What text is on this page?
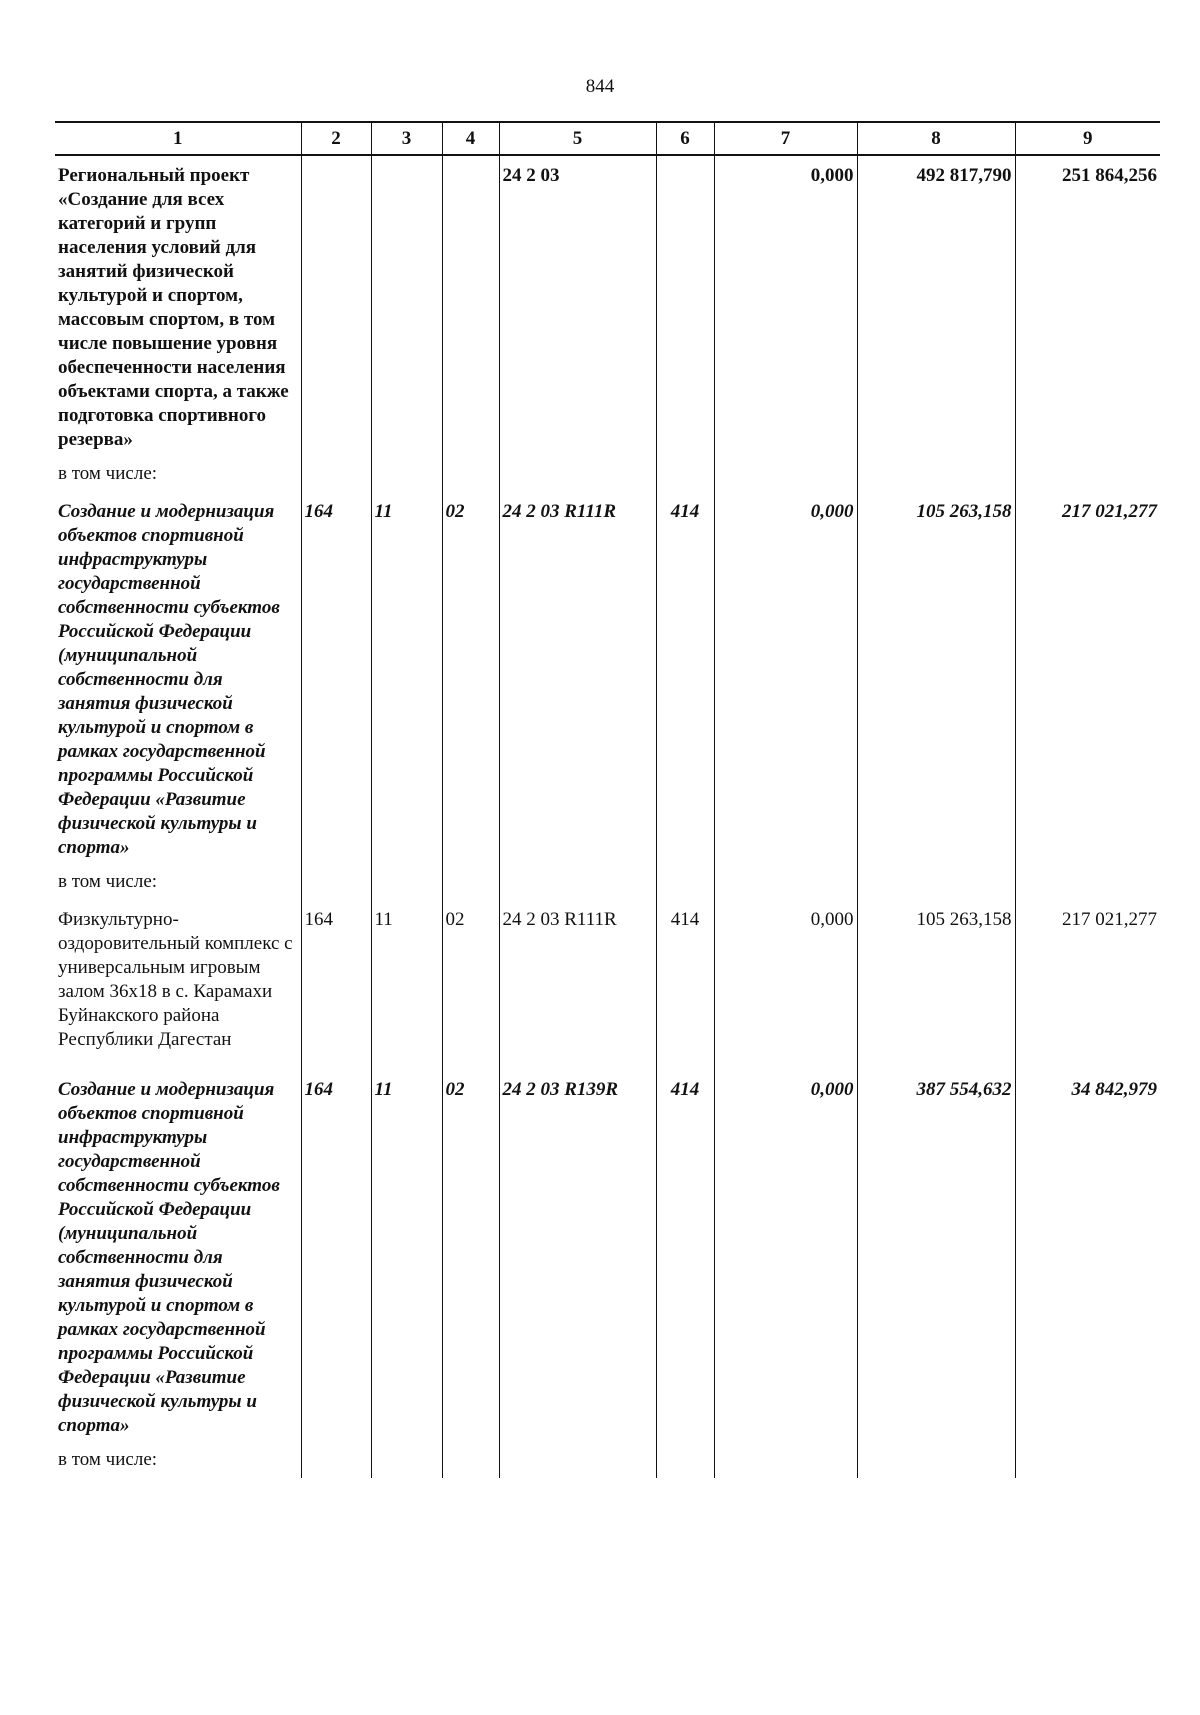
844
1	2	3	4	5	6	7	8	9
Региональный проект «Создание для всех категорий и групп населения условий для занятий физической культурой и спортом, массовым спортом, в том числе повышение уровня обеспеченности населения объектами спорта, а также подготовка спортивного резерва»				24 2 03		0,000	492 817,790	251 864,256
в том числе:								
Создание и модернизация объектов спортивной инфраструктуры государственной собственности субъектов Российской Федерации (муниципальной собственности для занятия физической культурой и спортом в рамках государственной программы Российской Федерации «Развитие физической культуры и спорта»	164	11	02	24 2 03 R111R	414	0,000	105 263,158	217 021,277
в том числе:								
Физкультурно-оздоровительный комплекс с универсальным игровым залом 36x18 в с. Карамахи Буйнакского района Республики Дагестан	164	11	02	24 2 03 R111R	414	0,000	105 263,158	217 021,277

Создание и модернизация объектов спортивной инфраструктуры государственной собственности субъектов Российской Федерации (муниципальной собственности для занятия физической культурой и спортом в рамках государственной программы Российской Федерации «Развитие физической культуры и спорта»	164	11	02	24 2 03 R139R	414	0,000	387 554,632	34 842,979
в том числе:								
